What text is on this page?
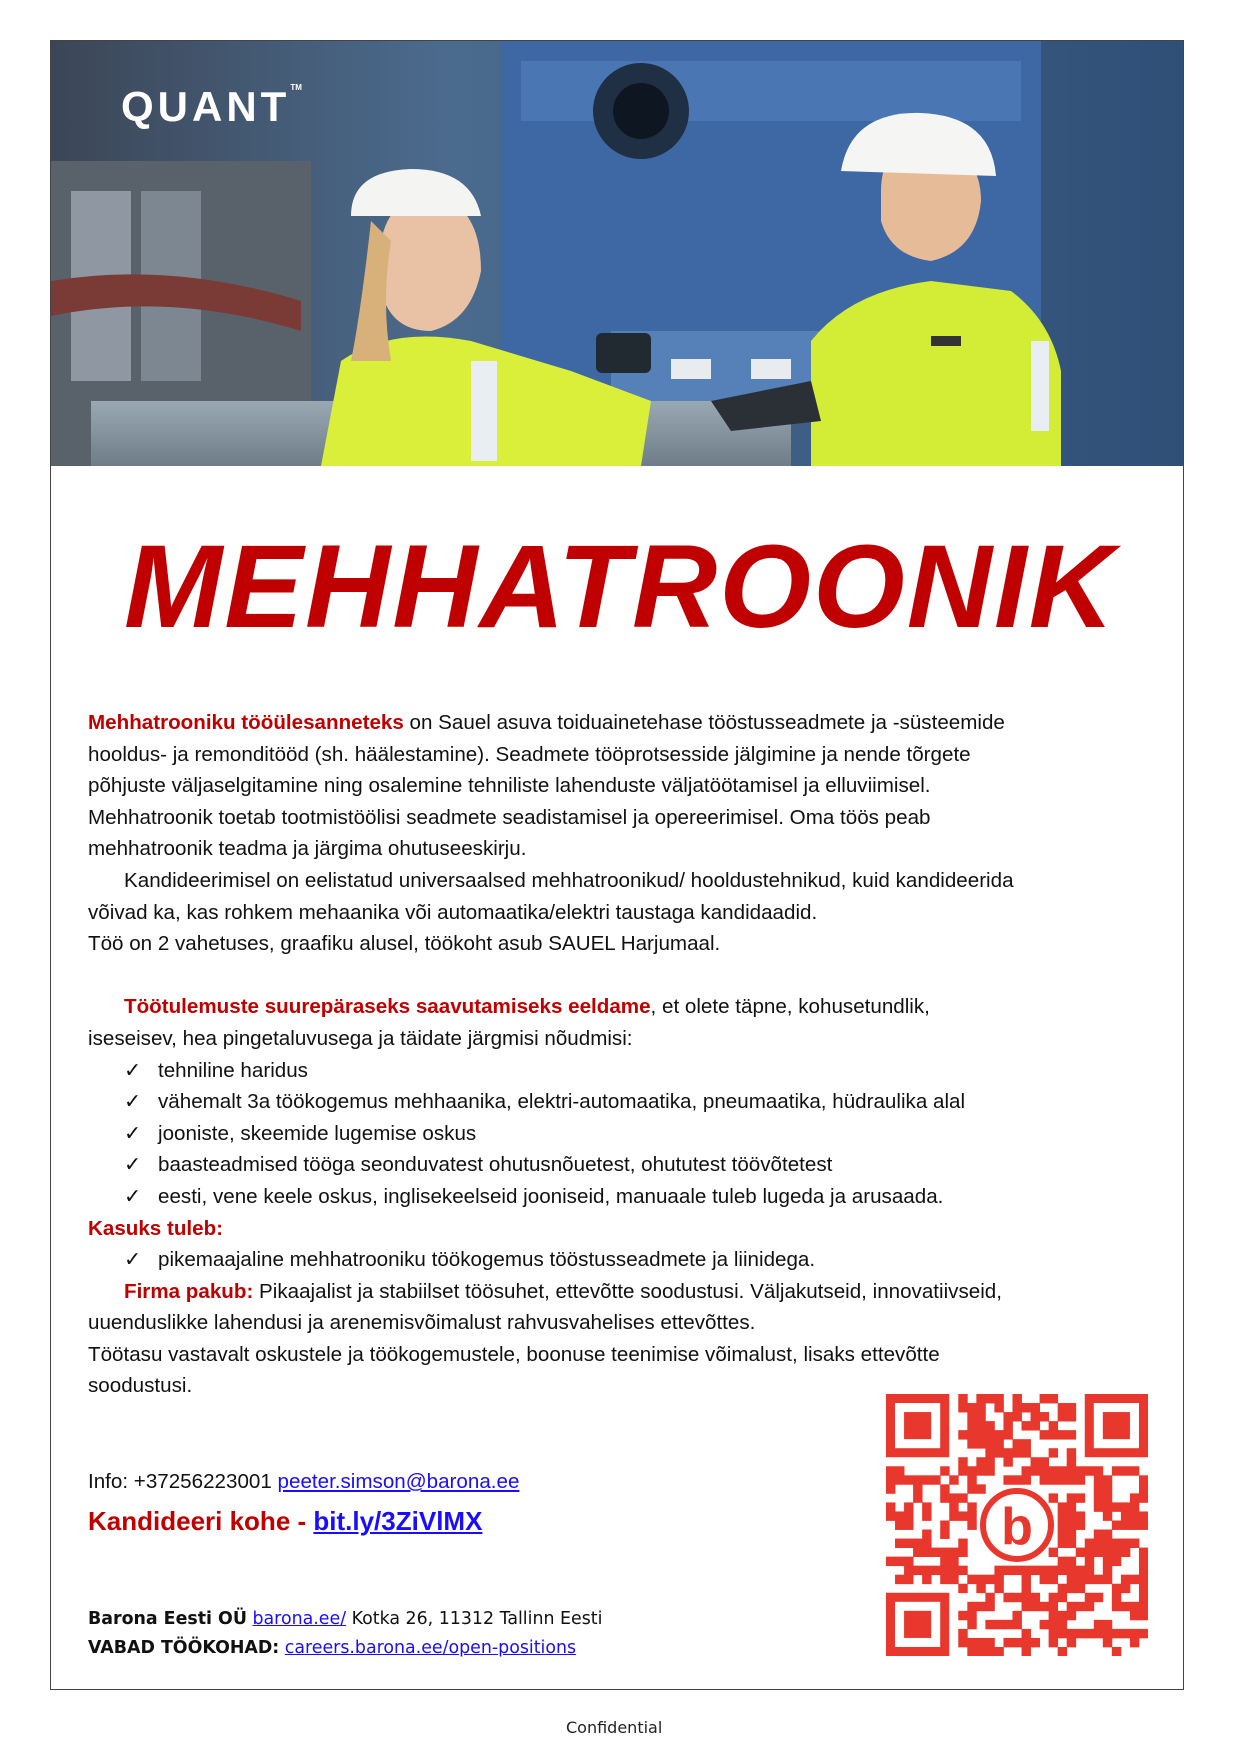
QUANT™
MEHHATROONIK
Mehhatrooniku tööülesanneteks on Sauel asuva toiduainetehase tööstusseadmete ja -süsteemide
hooldus- ja remonditööd (sh. häälestamine). Seadmete tööprotsesside jälgimine ja nende tõrgete
põhjuste väljaselgitamine ning osalemine tehniliste lahenduste väljatöötamisel ja elluviimisel.
Mehhatroonik toetab tootmistöölisi seadmete seadistamisel ja opereerimisel. Oma töös peab
mehhatroonik teadma ja järgima ohutuseeskirju.
Kandideerimisel on eelistatud universaalsed mehhatroonikud/ hooldustehnikud, kuid kandideerida
võivad ka, kas rohkem mehaanika või automaatika/elektri taustaga kandidaadid.
Töö on 2 vahetuses, graafiku alusel, töökoht asub SAUEL Harjumaal.
Töötulemuste suurepäraseks saavutamiseks eeldame, et olete täpne, kohusetundlik,
iseseisev, hea pingetaluvusega ja täidate järgmisi nõudmisi:
✓ tehniline haridus
✓ vähemalt 3a töökogemus mehhaanika, elektri-automaatika, pneumaatika, hüdraulika alal
✓ jooniste, skeemide lugemise oskus
✓ baasteadmised tööga seonduvatest ohutusnõuetest, ohututest töövõtetest
✓ eesti, vene keele oskus, inglisekeelseid jooniseid, manuaale tuleb lugeda ja arusaada.
Kasuks tuleb:
✓ pikemaajaline mehhatrooniku töökogemus tööstusseadmete ja liinidega.
Firma pakub: Pikaajalist ja stabiilset töösuhet, ettevõtte soodustusi. Väljakutseid, innovatiivseid,
uuenduslikke lahendusi ja arenemisvõimalust rahvusvahelises ettevõttes.
Töötasu vastavalt oskustele ja töökogemustele, boonuse teenimise võimalust, lisaks ettevõtte
soodustusi.
Info: +37256223001 peeter.simson@barona.ee
Kandideeri kohe - bit.ly/3ZiVlMX
Barona Eesti OÜ barona.ee/ Kotka 26, 11312 Tallinn Eesti
VABAD TÖÖKOHAD: careers.barona.ee/open-positions
b
Confidential
